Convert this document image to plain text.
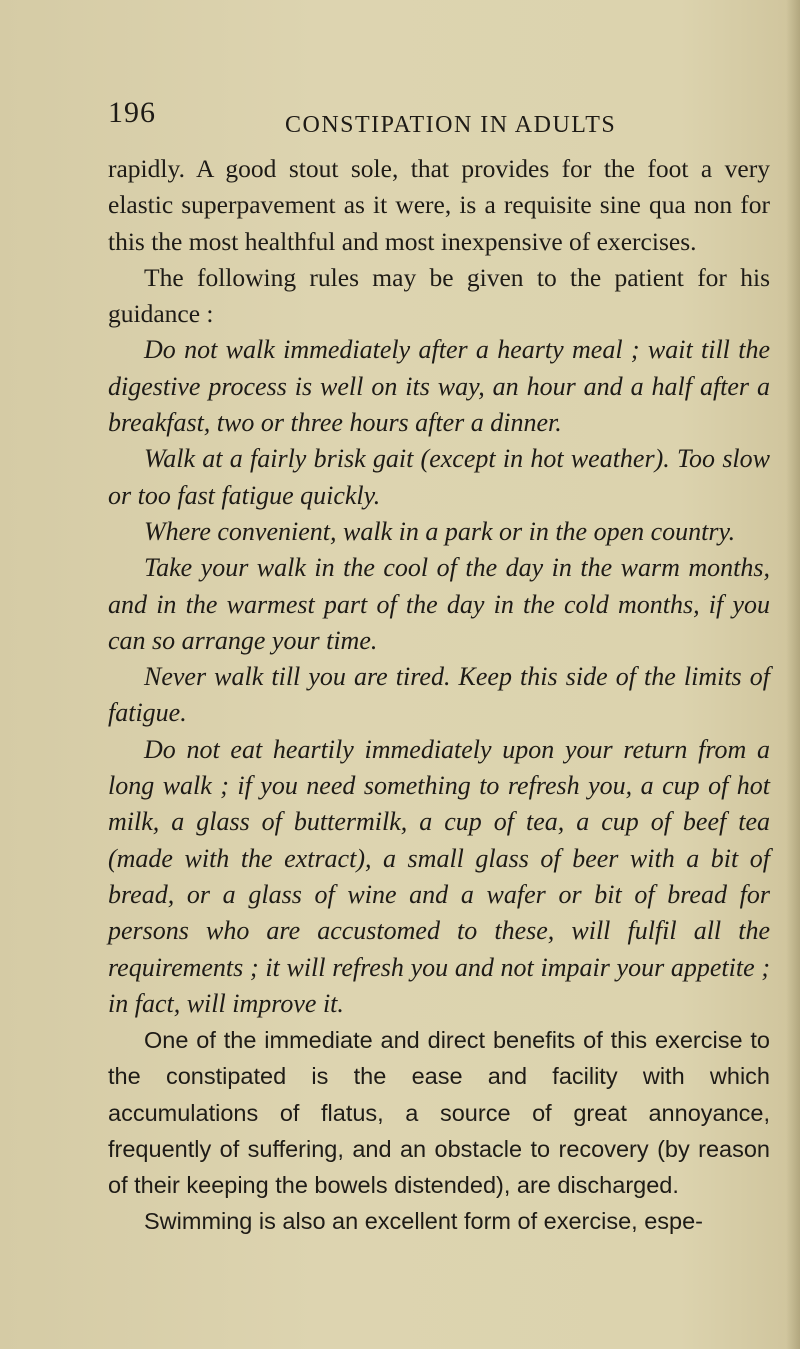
196	CONSTIPATION IN ADULTS

rapidly. A good stout sole, that provides for the foot a very elastic superpavement as it were, is a requisite sine qua non for this the most healthful and most inexpensive of exercises.

The following rules may be given to the patient for his guidance :

Do not walk immediately after a hearty meal ; wait till the digestive process is well on its way, an hour and a half after a breakfast, two or three hours after a dinner.

Walk at a fairly brisk gait (except in hot weather). Too slow or too fast fatigue quickly.

Where convenient, walk in a park or in the open country.

Take your walk in the cool of the day in the warm months, and in the warmest part of the day in the cold months, if you can so arrange your time.

Never walk till you are tired. Keep this side of the limits of fatigue.

Do not eat heartily immediately upon your return from a long walk ; if you need something to refresh you, a cup of hot milk, a glass of buttermilk, a cup of tea, a cup of beef tea (made with the extract), a small glass of beer with a bit of bread, or a glass of wine and a wafer or bit of bread for persons who are accustomed to these, will fulfil all the requirements ; it will refresh you and not impair your appetite ; in fact, will improve it.

One of the immediate and direct benefits of this exercise to the constipated is the ease and facility with which accumulations of flatus, a source of great annoyance, frequently of suffering, and an obstacle to recovery (by reason of their keeping the bowels distended), are discharged.

Swimming is also an excellent form of exercise, espe-
